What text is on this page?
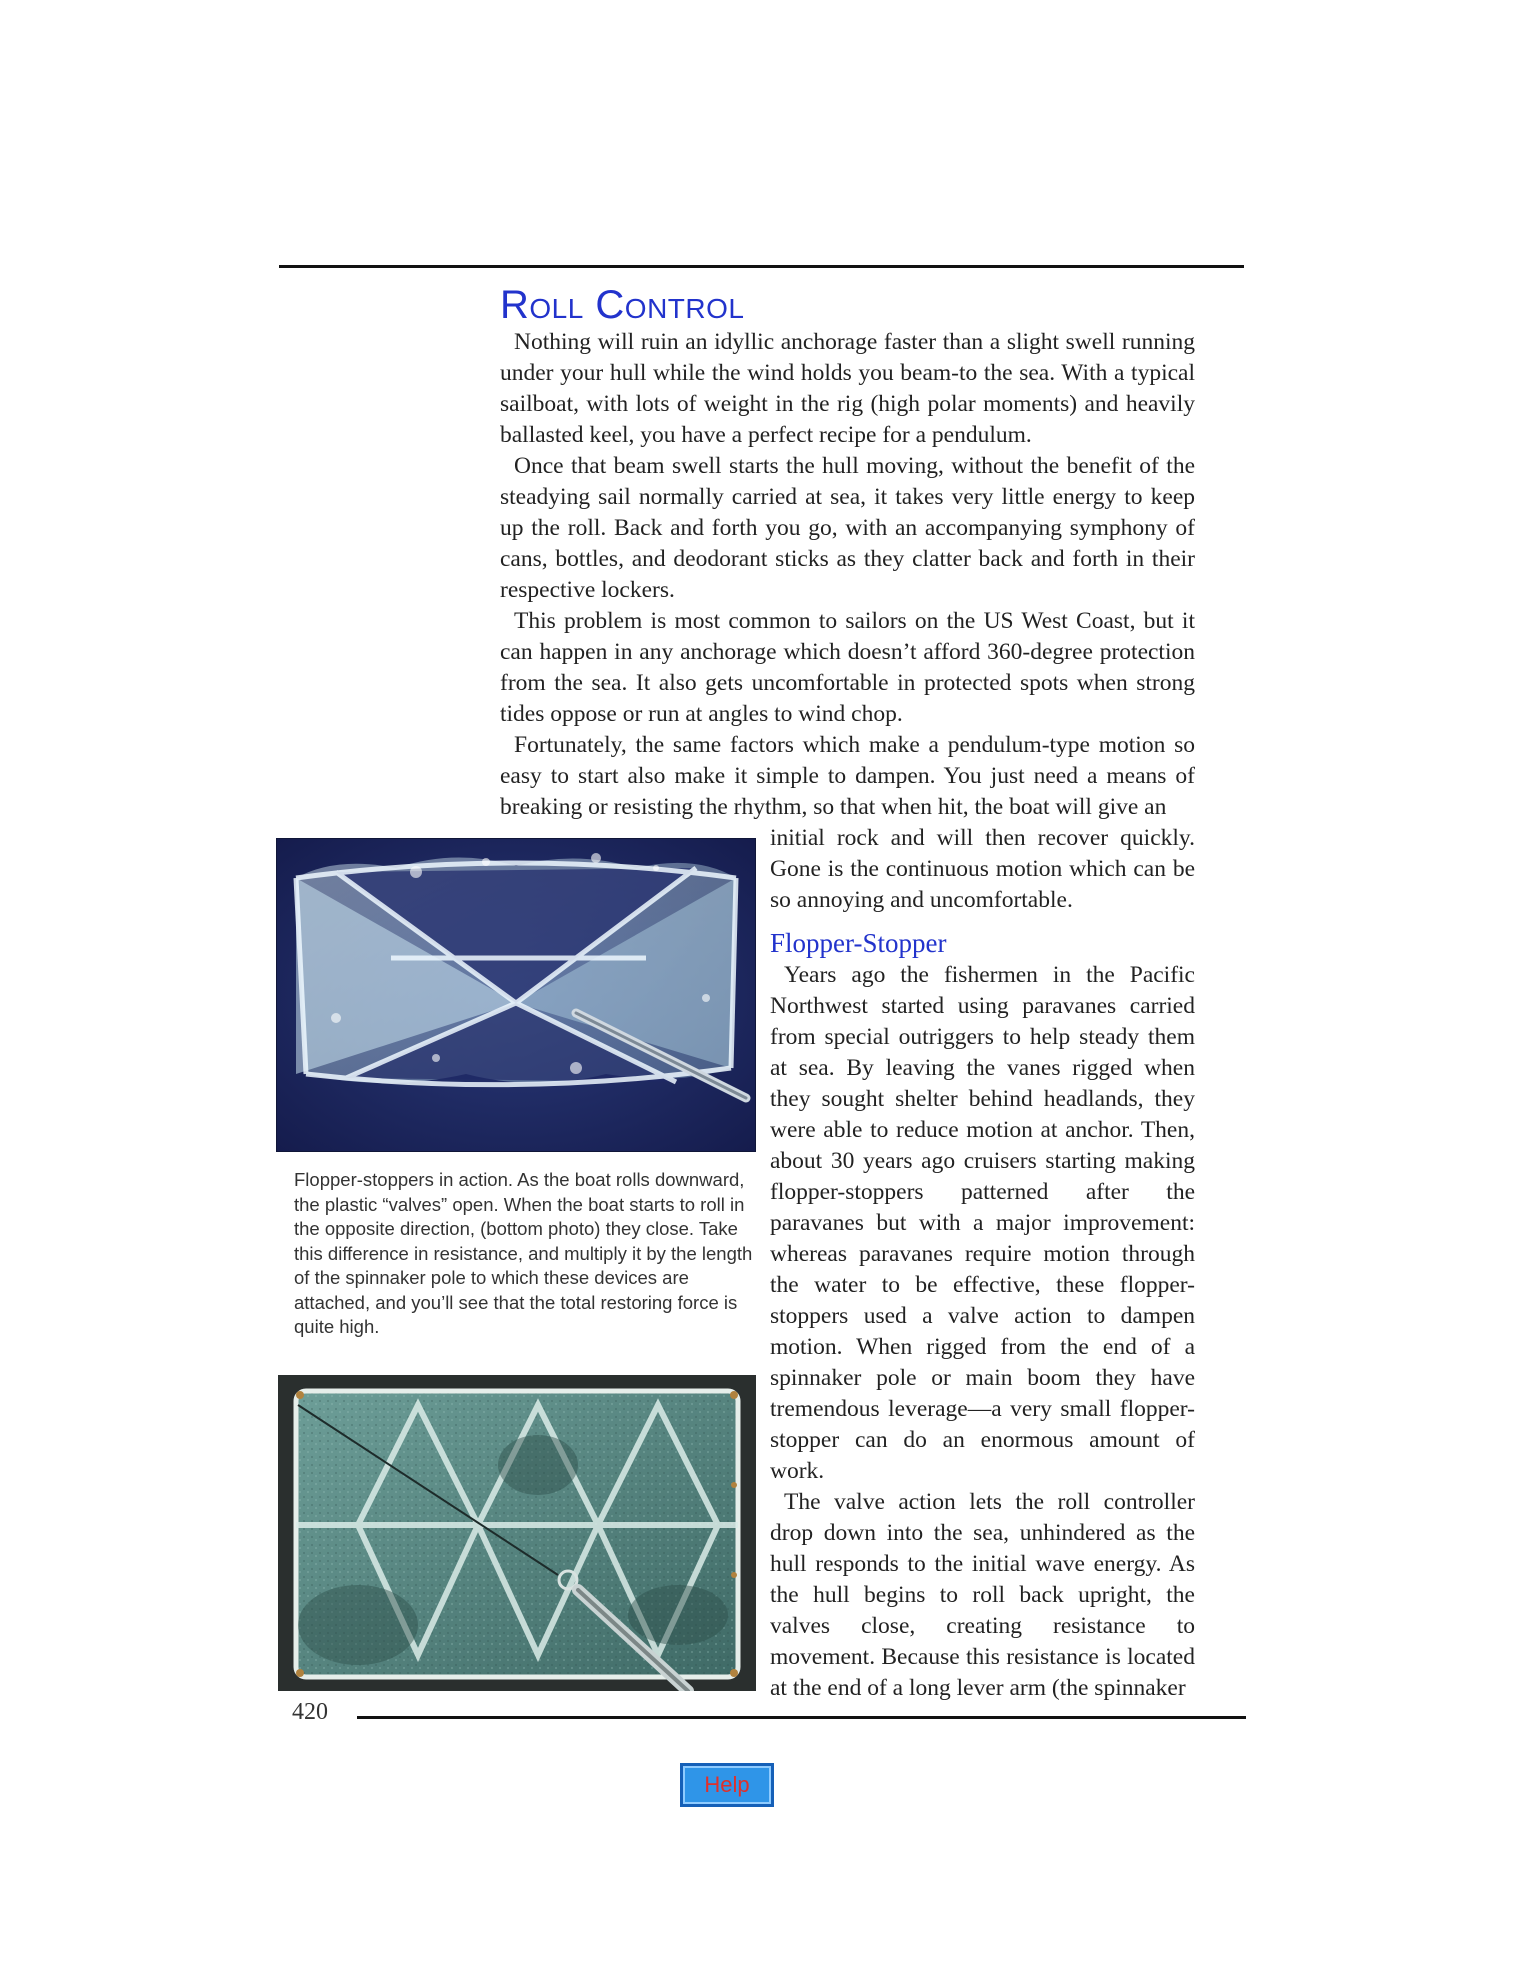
Roll Control

Nothing will ruin an idyllic anchorage faster than a slight swell running under your hull while the wind holds you beam-to the sea. With a typical sailboat, with lots of weight in the rig (high polar moments) and heavily ballasted keel, you have a perfect recipe for a pendulum.

Once that beam swell starts the hull moving, without the benefit of the steadying sail normally carried at sea, it takes very little energy to keep up the roll. Back and forth you go, with an accompanying symphony of cans, bottles, and deodorant sticks as they clatter back and forth in their respective lockers.

This problem is most common to sailors on the US West Coast, but it can happen in any anchorage which doesn’t afford 360-degree protection from the sea. It also gets uncomfortable in protected spots when strong tides oppose or run at angles to wind chop.

Fortunately, the same factors which make a pendulum-type motion so easy to start also make it simple to dampen. You just need a means of breaking or resisting the rhythm, so that when hit, the boat will give an

initial rock and will then recover quickly. Gone is the continuous motion which can be so annoying and uncomfortable.

Flopper-Stopper

Years ago the fishermen in the Pacific Northwest started using paravanes carried from special outriggers to help steady them at sea. By leaving the vanes rigged when they sought shelter behind headlands, they were able to reduce motion at anchor. Then, about 30 years ago cruisers starting making flopper-stoppers patterned after the paravanes but with a major improvement: whereas paravanes require motion through the water to be effective, these flopper-stoppers used a valve action to dampen motion. When rigged from the end of a spinnaker pole or main boom they have tremendous leverage—a very small flopper-stopper can do an enormous amount of work.

The valve action lets the roll controller drop down into the sea, unhindered as the hull responds to the initial wave energy. As the hull begins to roll back upright, the valves close, creating resistance to movement. Because this resistance is located at the end of a long lever arm (the spinnaker

Flopper-stoppers in action. As the boat rolls downward, the plastic “valves” open. When the boat starts to roll in the opposite direction, (bottom photo) they close. Take this difference in resistance, and multiply it by the length of the spinnaker pole to which these devices are attached, and you’ll see that the total restoring force is quite high.

420
Help
